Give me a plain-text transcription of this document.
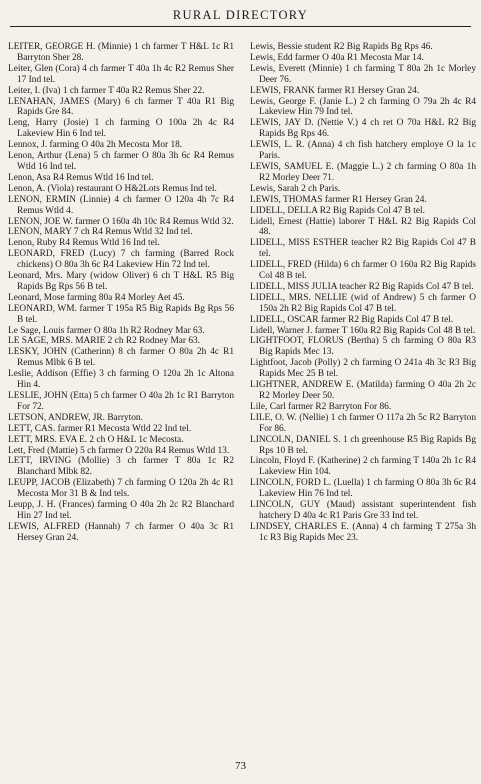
RURAL DIRECTORY
LEITER, GEORGE H. (Minnie) 1 ch farmer T H&L 1c R1 Barryton Sher 28.
Leiter, Glen (Cora) 4 ch farmer T 40a 1h 4c R2 Remus Sher 17 Ind tel.
Leiter, I. (Iva) 1 ch farmer T 40a R2 Remus Sher 22.
LENAHAN, JAMES (Mary) 6 ch farmer T 40a R1 Big Rapids Gre 84.
Leng, Harry (Josie) 1 ch farming O 100a 2h 4c R4 Lakeview Hin 6 Ind tel.
Lennox, J. farming O 40a 2h Mecosta Mor 18.
Lenon, Arthur (Lena) 5 ch farmer O 80a 3h 6c R4 Remus Wtld 16 Ind tel.
Lenon, Asa R4 Remus Wtld 16 Ind tel.
Lenon, A. (Viola) restaurant O H&2Lots Remus Ind tel.
LENON, ERMIN (Linnie) 4 ch farmer O 120a 4h 7c R4 Remus Wtld 4.
LENON, JOE W. farmer O 160a 4h 10c R4 Remus Wtld 32.
LENON, MARY 7 ch R4 Remus Wtld 32 Ind tel.
Lenon, Ruby R4 Remus Wtld 16 Ind tel.
LEONARD, FRED (Lucy) 7 ch farming (Barred Rock chickens) O 80a 3h 6c R4 Lakeview Hin 72 Ind tel.
Leonard, Mrs. Mary (widow Oliver) 6 ch T H&L R5 Big Rapids Bg Rps 56 B tel.
Leonard, Mose farming 80a R4 Morley Aet 45.
LEONARD, WM. farmer T 195a R5 Big Rapids Bg Rps 56 B tel.
Le Sage, Louis farmer O 80a 1h R2 Rodney Mar 63.
LE SAGE, MRS. MARIE 2 ch R2 Rodney Mar 63.
LESKY, JOHN (Catherinn) 8 ch farmer O 80a 2h 4c R1 Remus Mlbk 6 B tel.
Leslie, Addison (Effie) 3 ch farming O 120a 2h 1c Altona Hin 4.
LESLIE, JOHN (Etta) 5 ch farmer O 40a 2h 1c R1 Barryton For 72.
LETSON, ANDREW, JR. Barryton.
LETT, CAS. farmer R1 Mecosta Wtld 22 Ind tel.
LETT, MRS. EVA E. 2 ch O H&L 1c Mecosta.
Lett, Fred (Mattie) 5 ch farmer O 220a R4 Remus Wtld 13.
LETT, IRVING (Mollie) 3 ch farmer T 80a 1c R2 Blanchard Mlbk 82.
LEUPP, JACOB (Elizabeth) 7 ch farming O 120a 2h 4c R1 Mecosta Mor 31 B & Ind tels.
Leupp, J. H. (Frances) farming O 40a 2h 2c R2 Blanchard Hin 27 Ind tel.
LEWIS, ALFRED (Hannah) 7 ch farmer O 40a 3c R1 Hersey Gran 24.
Lewis, Bessie student R2 Big Rapids Bg Rps 46.
Lewis, Edd farmer O 40a R1 Mecosta Mar 14.
Lewis, Everett (Minnie) 1 ch farming T 80a 2h 1c Morley Deer 76.
LEWIS, FRANK farmer R1 Hersey Gran 24.
Lewis, George F. (Janie L.) 2 ch farming O 79a 2h 4c R4 Lakeview Hin 79 Ind tel.
LEWIS, JAY D. (Nettie V.) 4 ch ret O 70a H&L R2 Big Rapids Bg Rps 46.
LEWIS, L. R. (Anna) 4 ch fish hatchery employe O la 1c Paris.
LEWIS, SAMUEL E. (Maggie L.) 2 ch farming O 80a 1h R2 Morley Deer 71.
Lewis, Sarah 2 ch Paris.
LEWIS, THOMAS farmer R1 Hersey Gran 24.
LIDELL, DELLA R2 Big Rapids Col 47 B tel.
Lidell, Ernest (Hattie) laborer T H&L R2 Big Rapids Col 48.
LIDELL, MISS ESTHER teacher R2 Big Rapids Col 47 B tel.
LIDELL, FRED (Hilda) 6 ch farmer O 160a R2 Big Rapids Col 48 B tel.
LIDELL, MISS JULIA teacher R2 Big Rapids Col 47 B tel.
LIDELL, MRS. NELLIE (wid of Andrew) 5 ch farmer O 150a 2h R2 Big Rapids Col 47 B tel.
LIDELL, OSCAR farmer R2 Big Rapids Col 47 B tel.
Lidell, Warner J. farmer T 160a R2 Big Rapids Col 48 B tel.
LIGHTFOOT, FLORUS (Bertha) 5 ch farming O 80a R3 Big Rapids Mec 13.
Lightfoot, Jacob (Polly) 2 ch farming O 241a 4h 3c R3 Big Rapids Mec 25 B tel.
LIGHTNER, ANDREW E. (Matilda) farming O 40a 2h 2c R2 Morley Deer 50.
Lile, Carl farmer R2 Barryton For 86.
LILE, O. W. (Nellie) 1 ch farmer O 117a 2h 5c R2 Barryton For 86.
LINCOLN, DANIEL S. 1 ch greenhouse R5 Big Rapids Bg Rps 10 B tel.
Lincoln, Floyd F. (Katherine) 2 ch farming T 140a 2h 1c R4 Lakeview Hin 104.
LINCOLN, FORD L. (Luella) 1 ch farming O 80a 3h 6c R4 Lakeview Hin 76 Ind tel.
LINCOLN, GUY (Maud) assistant superintendent fish hatchery D 40a 4c R1 Paris Gre 33 Ind tel.
LINDSEY, CHARLES E. (Anna) 4 ch farming T 275a 3h 1c R3 Big Rapids Mec 23.
73
